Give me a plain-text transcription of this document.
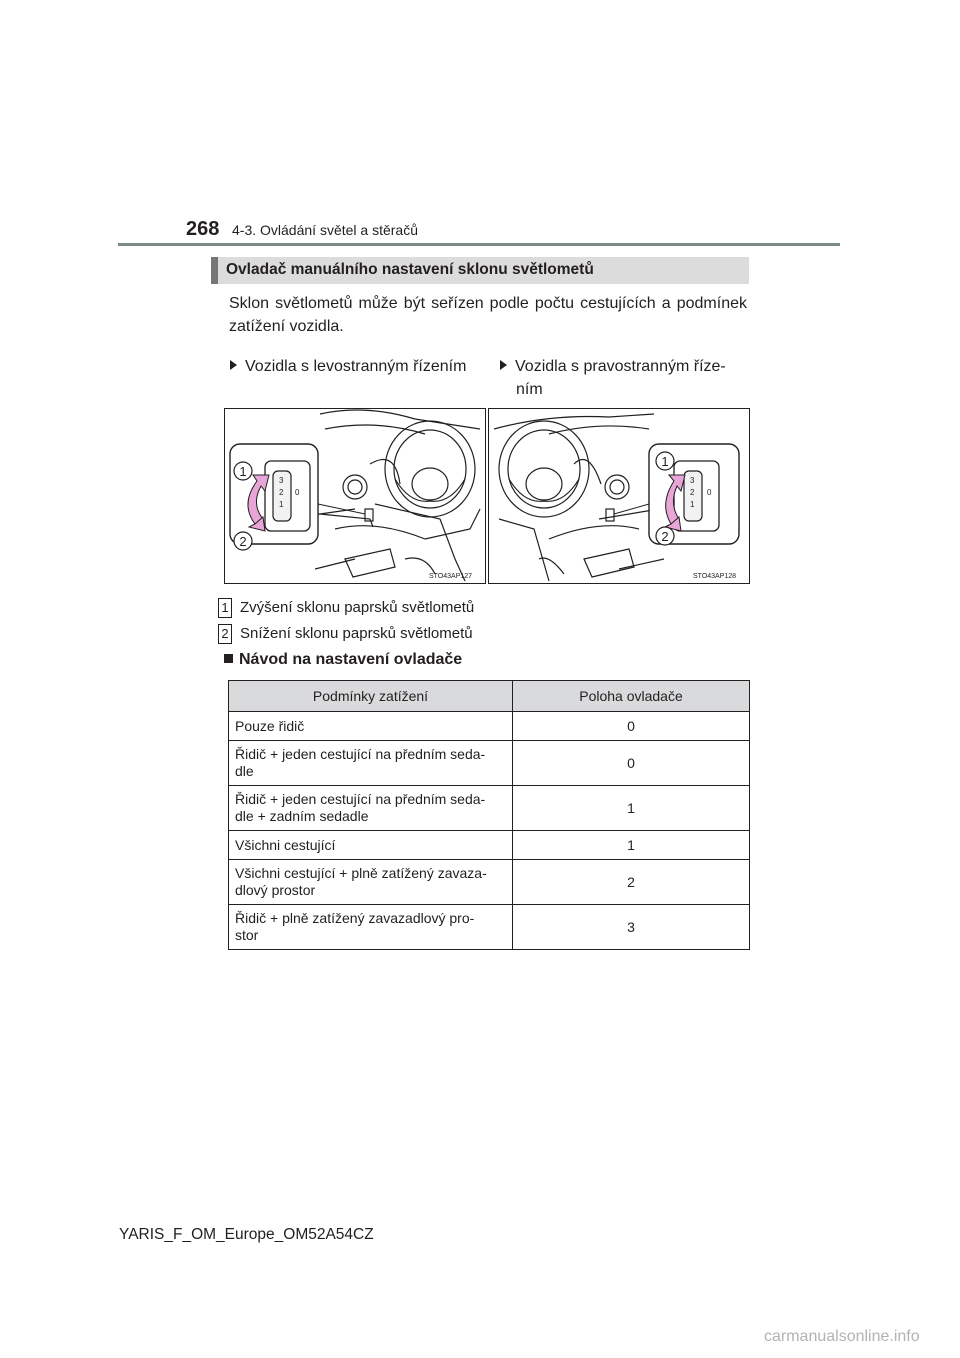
268 4-3. Ovládání světel a stěračů
Ovladač manuálního nastavení sklonu světlometů
Sklon světlometů může být seřízen podle počtu cestujících a podmínek zatížení vozidla.
Vozidla s levostranným řízením	Vozidla s pravostranným říze-
ním
3
2
1
0
1
2
STO43AP127
3
2
1
0
1
2
STO43AP128
1 Zvýšení sklonu paprsků světlometů
2 Snížení sklonu paprsků světlometů
Návod na nastavení ovladače
Podmínky zatížení	Poloha ovladače
Pouze řidič	0
Řidič + jeden cestující na předním seda-
dle	0
Řidič + jeden cestující na předním seda-
dle + zadním sedadle	1
Všichni cestující	1
Všichni cestující + plně zatížený zavaza-
dlový prostor	2
Řidič + plně zatížený zavazadlový pro-
stor	3
YARIS_F_OM_Europe_OM52A54CZ
carmanualsonline.info
